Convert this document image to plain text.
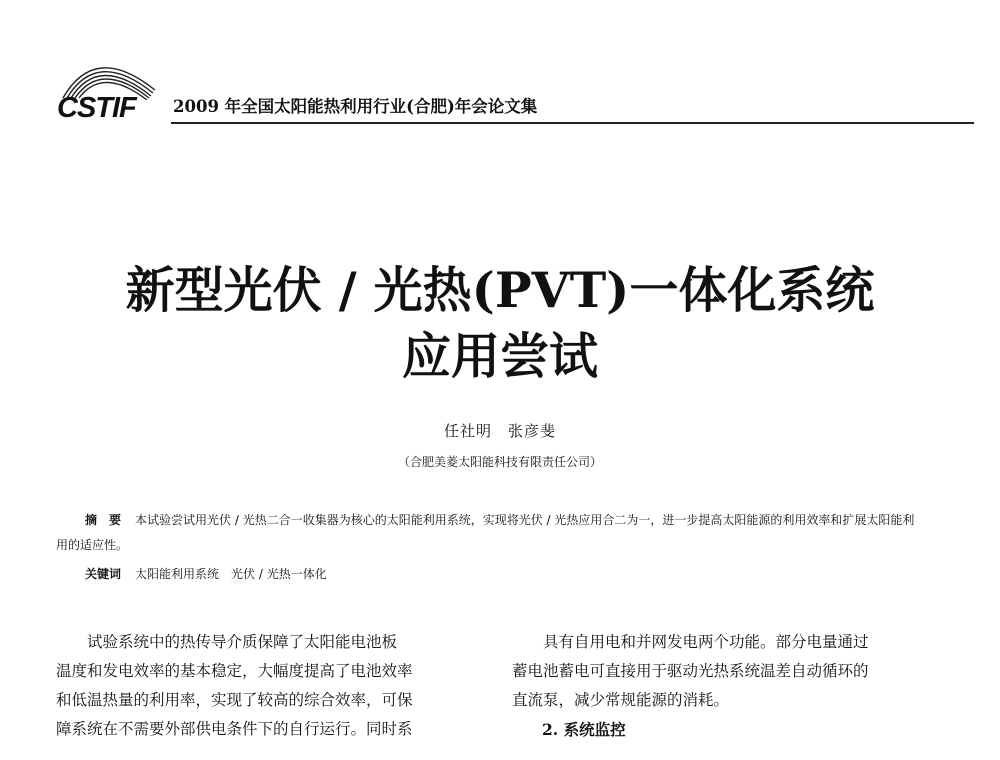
CSTIF 2009 年全国太阳能热利用行业(合肥)年会论文集
新型光伏 / 光热(PVT)一体化系统
应用尝试
任社明　张彦斐
（合肥美菱太阳能科技有限责任公司）
摘　要 本试验尝试用光伏 / 光热二合一收集器为核心的太阳能利用系统，实现将光伏 / 光热应用合二为一，进一步提高太阳能源的利用效率和扩展太阳能利用的适应性。
关键词 太阳能利用系统　光伏 / 光热一体化

试验系统中的热传导介质保障了太阳能电池板

温度和发电效率的基本稳定，大幅度提高了电池效率

和低温热量的利用率，实现了较高的综合效率，可保

障系统在不需要外部供电条件下的自行运行。同时系

具有自用电和并网发电两个功能。部分电量通过

蓄电池蓄电可直接用于驱动光热系统温差自动循环的

直流泵，减少常规能源的消耗。

2. 系统监控
